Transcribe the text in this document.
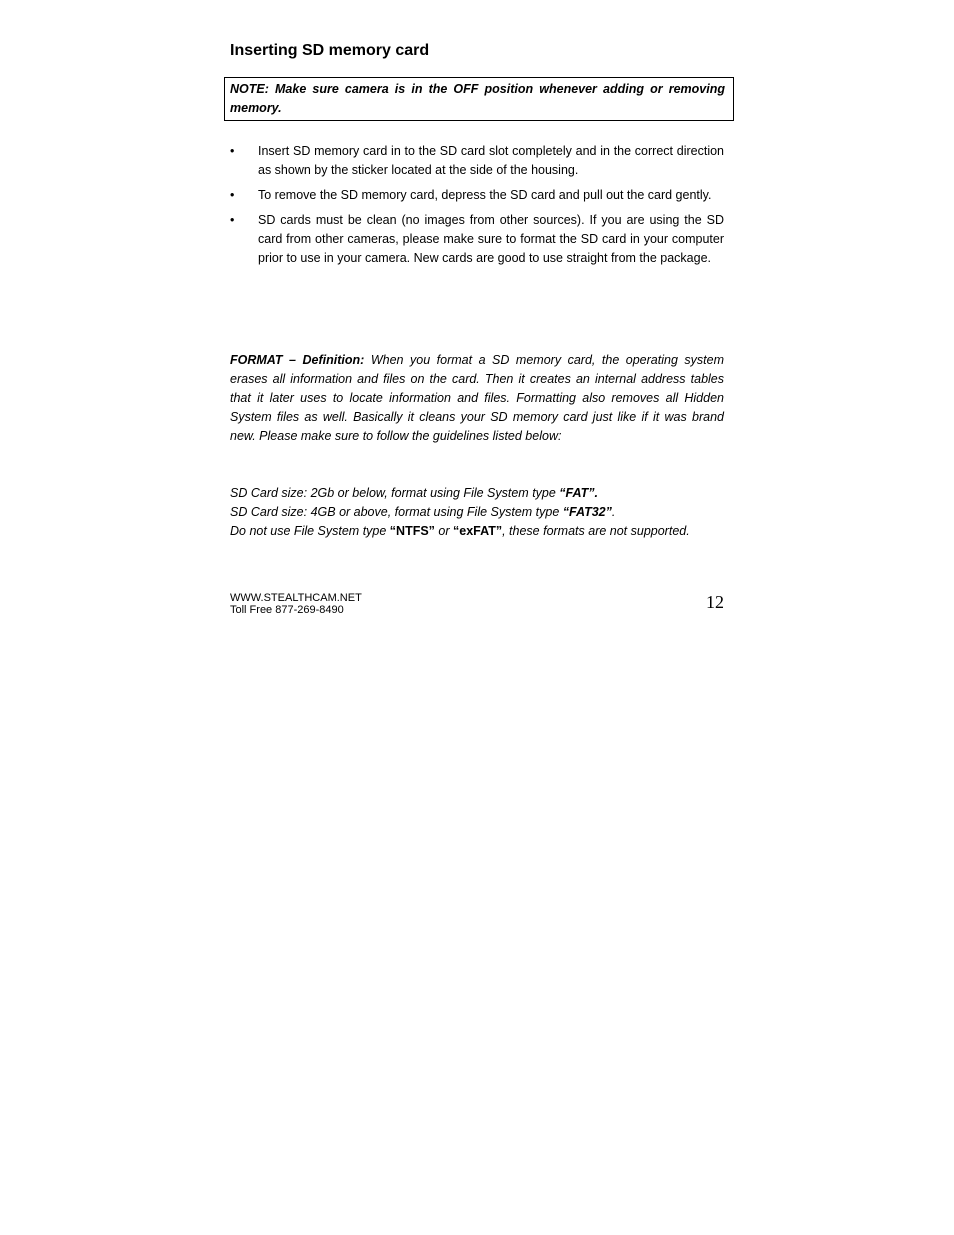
Inserting SD memory card
NOTE: Make sure camera is in the OFF position whenever adding or removing memory.
• Insert SD memory card in to the SD card slot completely and in the correct direction as shown by the sticker located at the side of the housing.
• To remove the SD memory card, depress the SD card and pull out the card gently.
• SD cards must be clean (no images from other sources). If you are using the SD card from other cameras, please make sure to format the SD card in your computer prior to use in your camera. New cards are good to use straight from the package.

FORMAT – Definition: When you format a SD memory card, the operating system erases all information and files on the card. Then it creates an internal address tables that it later uses to locate information and files. Formatting also removes all Hidden System files as well. Basically it cleans your SD memory card just like if it was brand new. Please make sure to follow the guidelines listed below:

SD Card size: 2Gb or below, format using File System type “FAT”.
SD Card size: 4GB or above, format using File System type “FAT32”.
Do not use File System type “NTFS” or “exFAT”, these formats are not supported.
WWW.STEALTHCAM.NET
Toll Free 877-269-8490	12
